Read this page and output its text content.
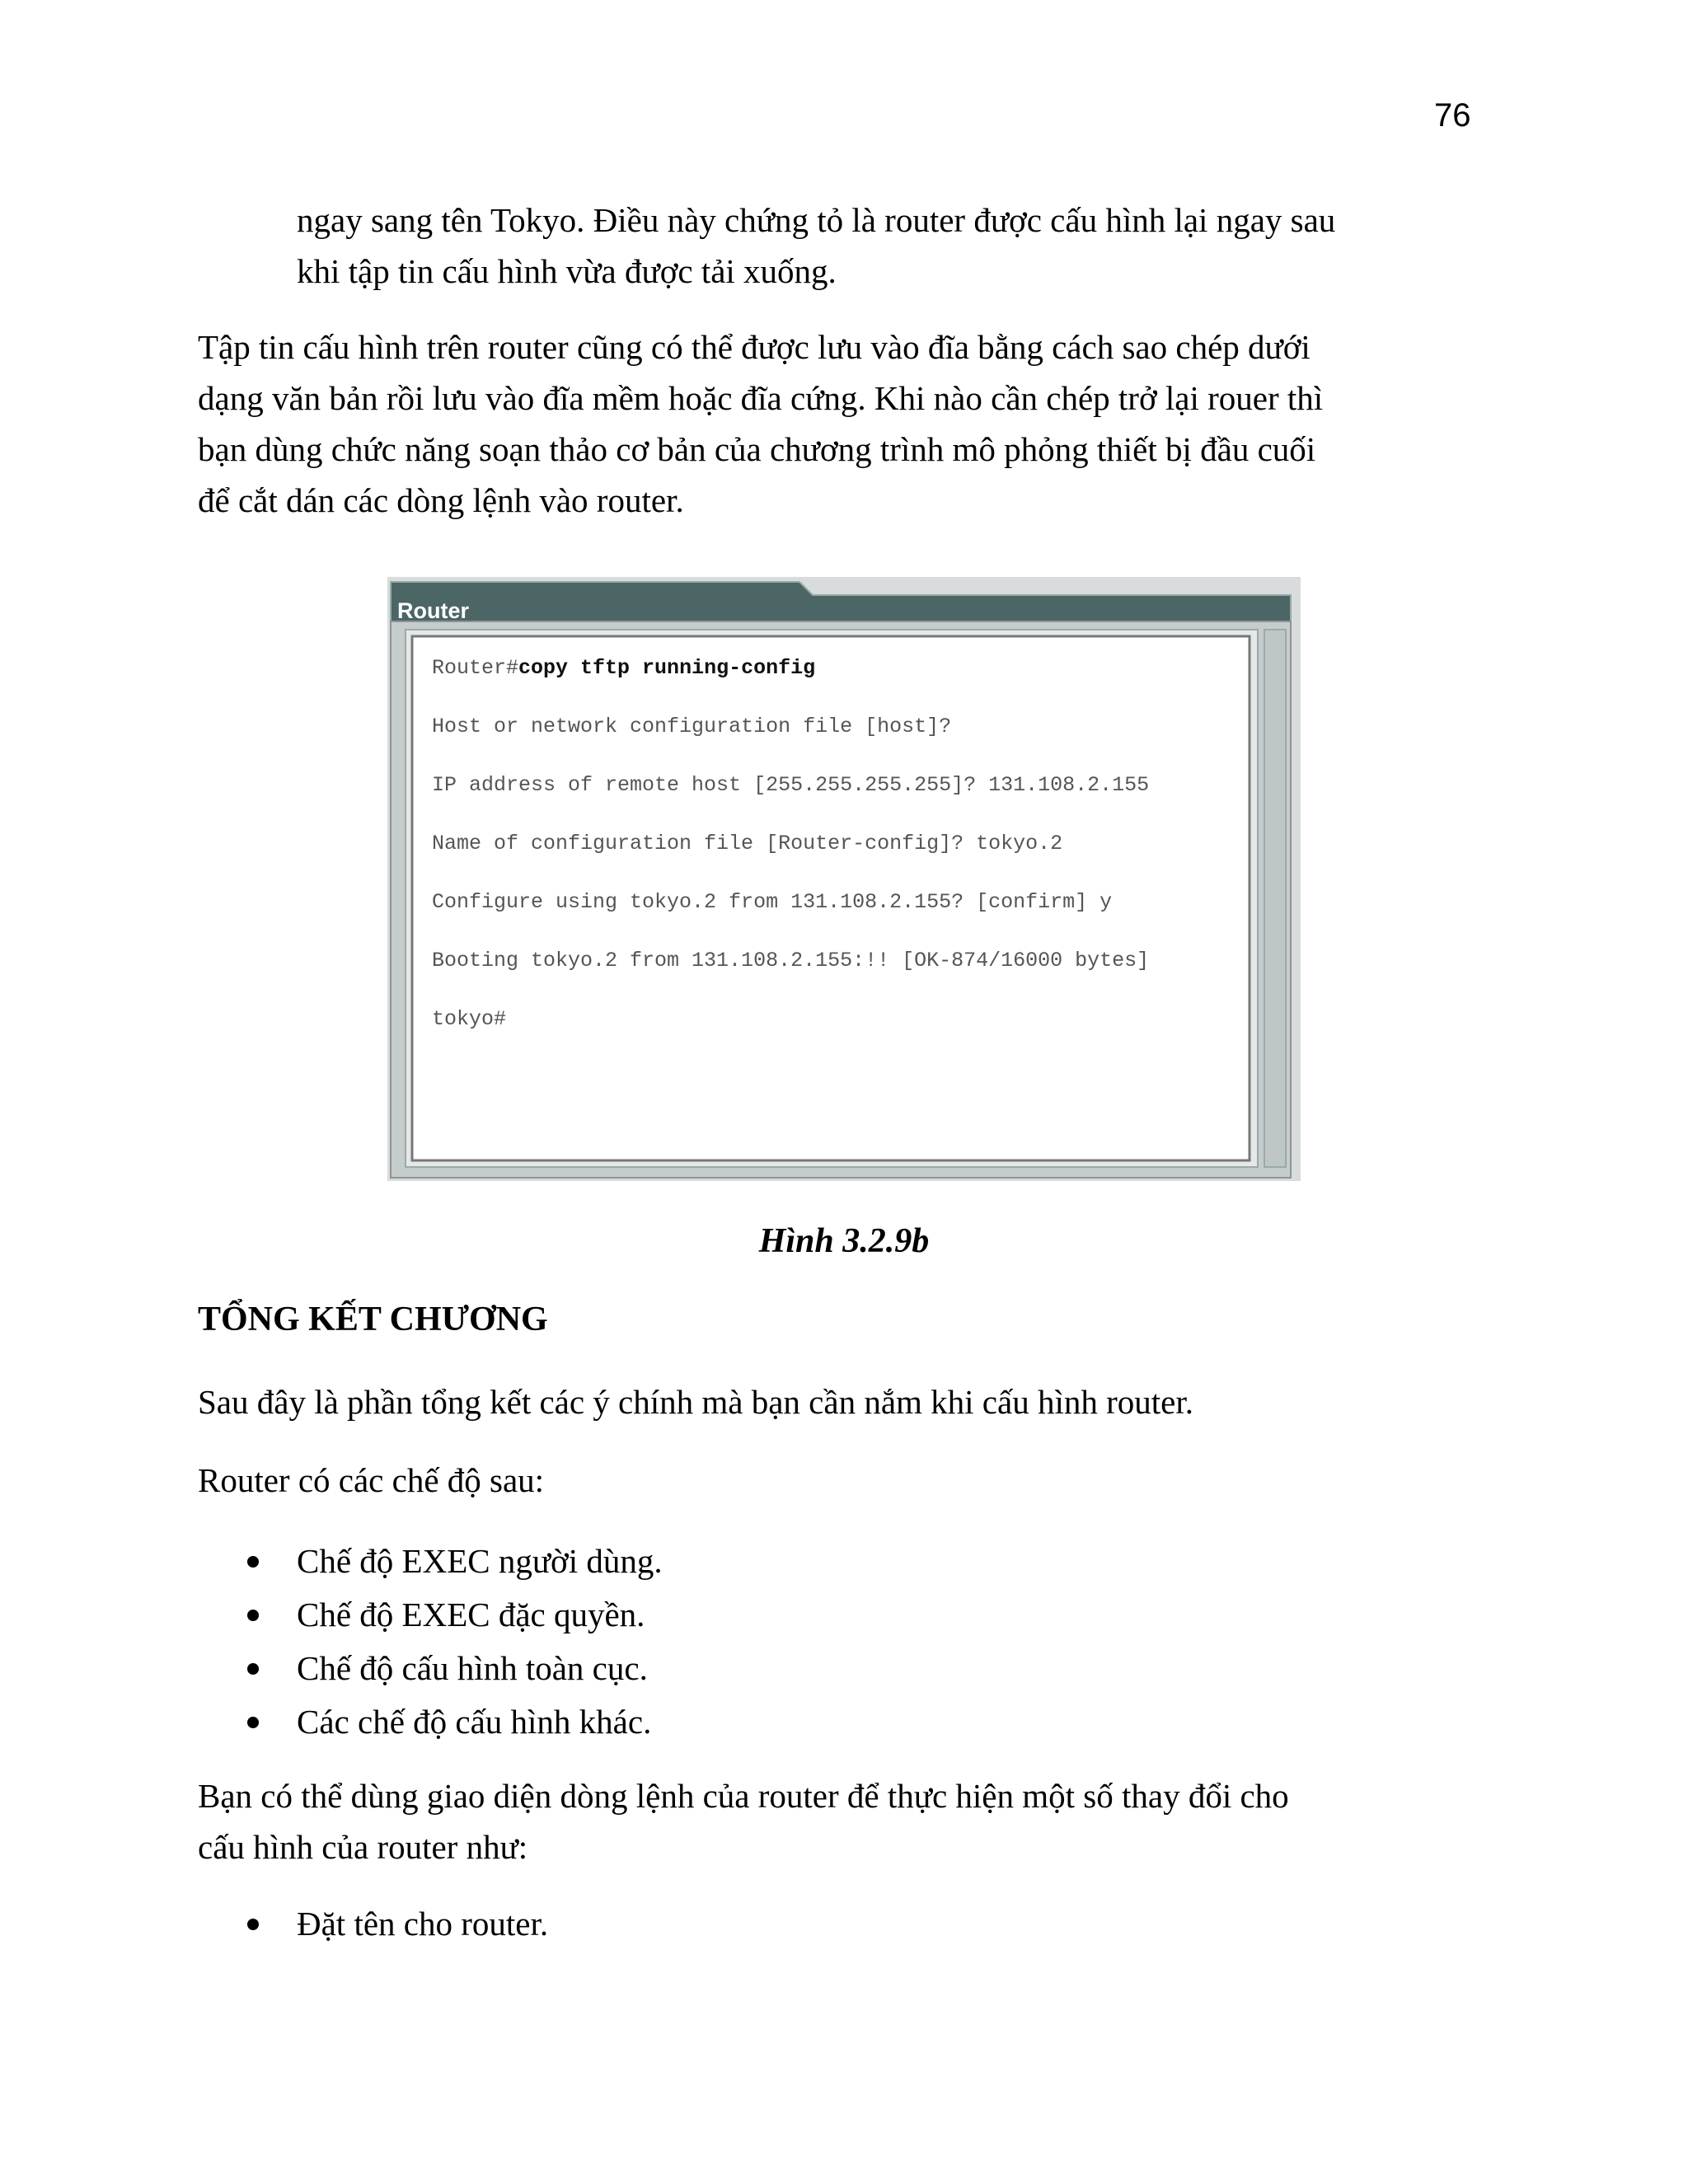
76
ngay sang tên Tokyo. Điều này chứng tỏ là router được cấu hình lại ngay sau
khi tập tin cấu hình vừa được tải xuống.
Tập tin cấu hình trên router cũng có thể được lưu vào đĩa bằng cách sao chép dưới
dạng văn bản rồi lưu vào đĩa mềm hoặc đĩa cứng. Khi nào cần chép trở lại rouer thì
bạn dùng chức năng soạn thảo cơ bản của chương trình mô phỏng thiết bị đầu cuối
để cắt dán các dòng lệnh vào router.
Router
Router#copy tftp running-config
Host or network configuration file [host]?
IP address of remote host [255.255.255.255]? 131.108.2.155
Name of configuration file [Router-config]? tokyo.2
Configure using tokyo.2 from 131.108.2.155? [confirm] y
Booting tokyo.2 from 131.108.2.155:!! [OK-874/16000 bytes]
tokyo#
Hình 3.2.9b
TỔNG KẾT CHƯƠNG
Sau đây là phần tổng kết các ý chính mà bạn cần nắm khi cấu hình router.
Router có các chế độ sau:
Chế độ EXEC người dùng.
Chế độ EXEC đặc quyền.
Chế độ cấu hình toàn cục.
Các chế độ cấu hình khác.
Bạn có thể dùng giao diện dòng lệnh của router để thực hiện một số thay đổi cho
cấu hình của router như:
Đặt tên cho router.
